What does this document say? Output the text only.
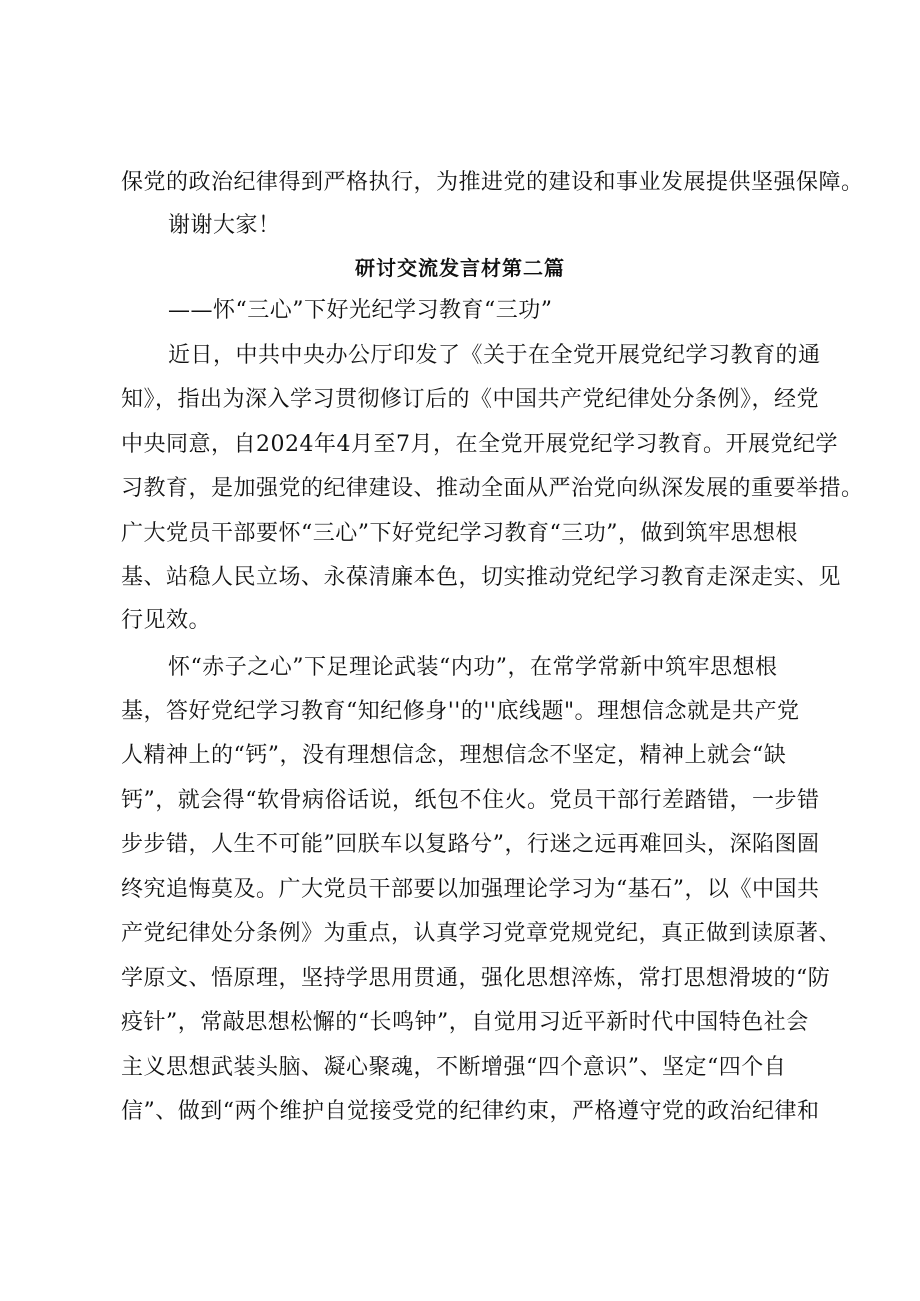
保党的政治纪律得到严格执行，为推进党的建设和事业发展提供坚强保障。
谢谢大家！
研讨交流发言材第二篇
——怀“三心”下好光纪学习教育“三功”
近日，中共中央办公厅印发了《关于在全党开展党纪学习教育的通
知》，指出为深入学习贯彻修订后的《中国共产党纪律处分条例》，经党
中央同意，自2024年4月至7月，在全党开展党纪学习教育。开展党纪学
习教育，是加强党的纪律建设、推动全面从严治党向纵深发展的重要举措。
广大党员干部要怀“三心”下好党纪学习教育“三功”，做到筑牢思想根
基、站稳人民立场、永葆清廉本色，切实推动党纪学习教育走深走实、见
行见效。
怀“赤子之心”下足理论武装“内功”，在常学常新中筑牢思想根
基，答好党纪学习教育“知纪修身''的''底线题"。理想信念就是共产党
人精神上的“钙”，没有理想信念，理想信念不坚定，精神上就会“缺
钙”，就会得“软骨病俗话说，纸包不住火。党员干部行差踏错，一步错
步步错，人生不可能”回朕车以复路兮”，行迷之远再难回头，深陷图圄
终究追悔莫及。广大党员干部要以加强理论学习为“基石”，以《中国共
产党纪律处分条例》为重点，认真学习党章党规党纪，真正做到读原著、
学原文、悟原理，坚持学思用贯通，强化思想淬炼，常打思想滑坡的“防
疫针”，常敲思想松懈的“长鸣钟”，自觉用习近平新时代中国特色社会
主义思想武装头脑、凝心聚魂，不断增强“四个意识”、坚定“四个自
信”、做到“两个维护自觉接受党的纪律约束，严格遵守党的政治纪律和
